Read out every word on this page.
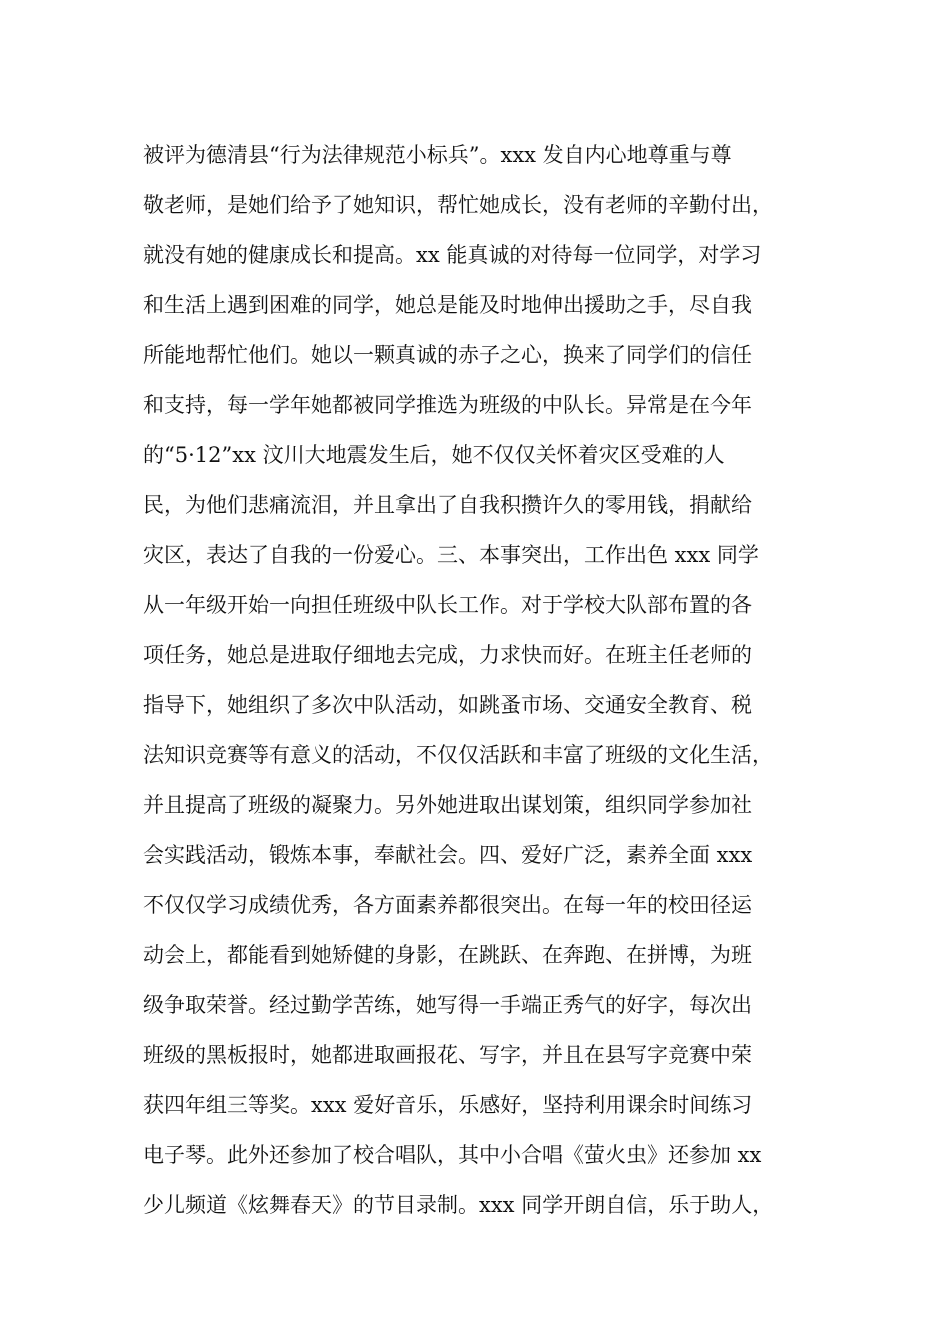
被评为德清县“行为法律规范小标兵”。xxx 发自内心地尊重与尊
敬老师，是她们给予了她知识，帮忙她成长，没有老师的辛勤付出，
就没有她的健康成长和提高。xx 能真诚的对待每一位同学，对学习
和生活上遇到困难的同学，她总是能及时地伸出援助之手，尽自我
所能地帮忙他们。她以一颗真诚的赤子之心，换来了同学们的信任
和支持，每一学年她都被同学推选为班级的中队长。异常是在今年
的“5·12”xx 汶川大地震发生后，她不仅仅关怀着灾区受难的人
民，为他们悲痛流泪，并且拿出了自我积攒许久的零用钱，捐献给
灾区，表达了自我的一份爱心。三、本事突出，工作出色 xxx 同学
从一年级开始一向担任班级中队长工作。对于学校大队部布置的各
项任务，她总是进取仔细地去完成，力求快而好。在班主任老师的
指导下，她组织了多次中队活动，如跳蚤市场、交通安全教育、税
法知识竞赛等有意义的活动，不仅仅活跃和丰富了班级的文化生活，
并且提高了班级的凝聚力。另外她进取出谋划策，组织同学参加社
会实践活动，锻炼本事，奉献社会。四、爱好广泛，素养全面 xxx
不仅仅学习成绩优秀，各方面素养都很突出。在每一年的校田径运
动会上，都能看到她矫健的身影，在跳跃、在奔跑、在拼博，为班
级争取荣誉。经过勤学苦练，她写得一手端正秀气的好字，每次出
班级的黑板报时，她都进取画报花、写字，并且在县写字竞赛中荣
获四年组三等奖。xxx 爱好音乐，乐感好，坚持利用课余时间练习
电子琴。此外还参加了校合唱队，其中小合唱《萤火虫》还参加 xx
少儿频道《炫舞春天》的节目录制。xxx 同学开朗自信，乐于助人，
